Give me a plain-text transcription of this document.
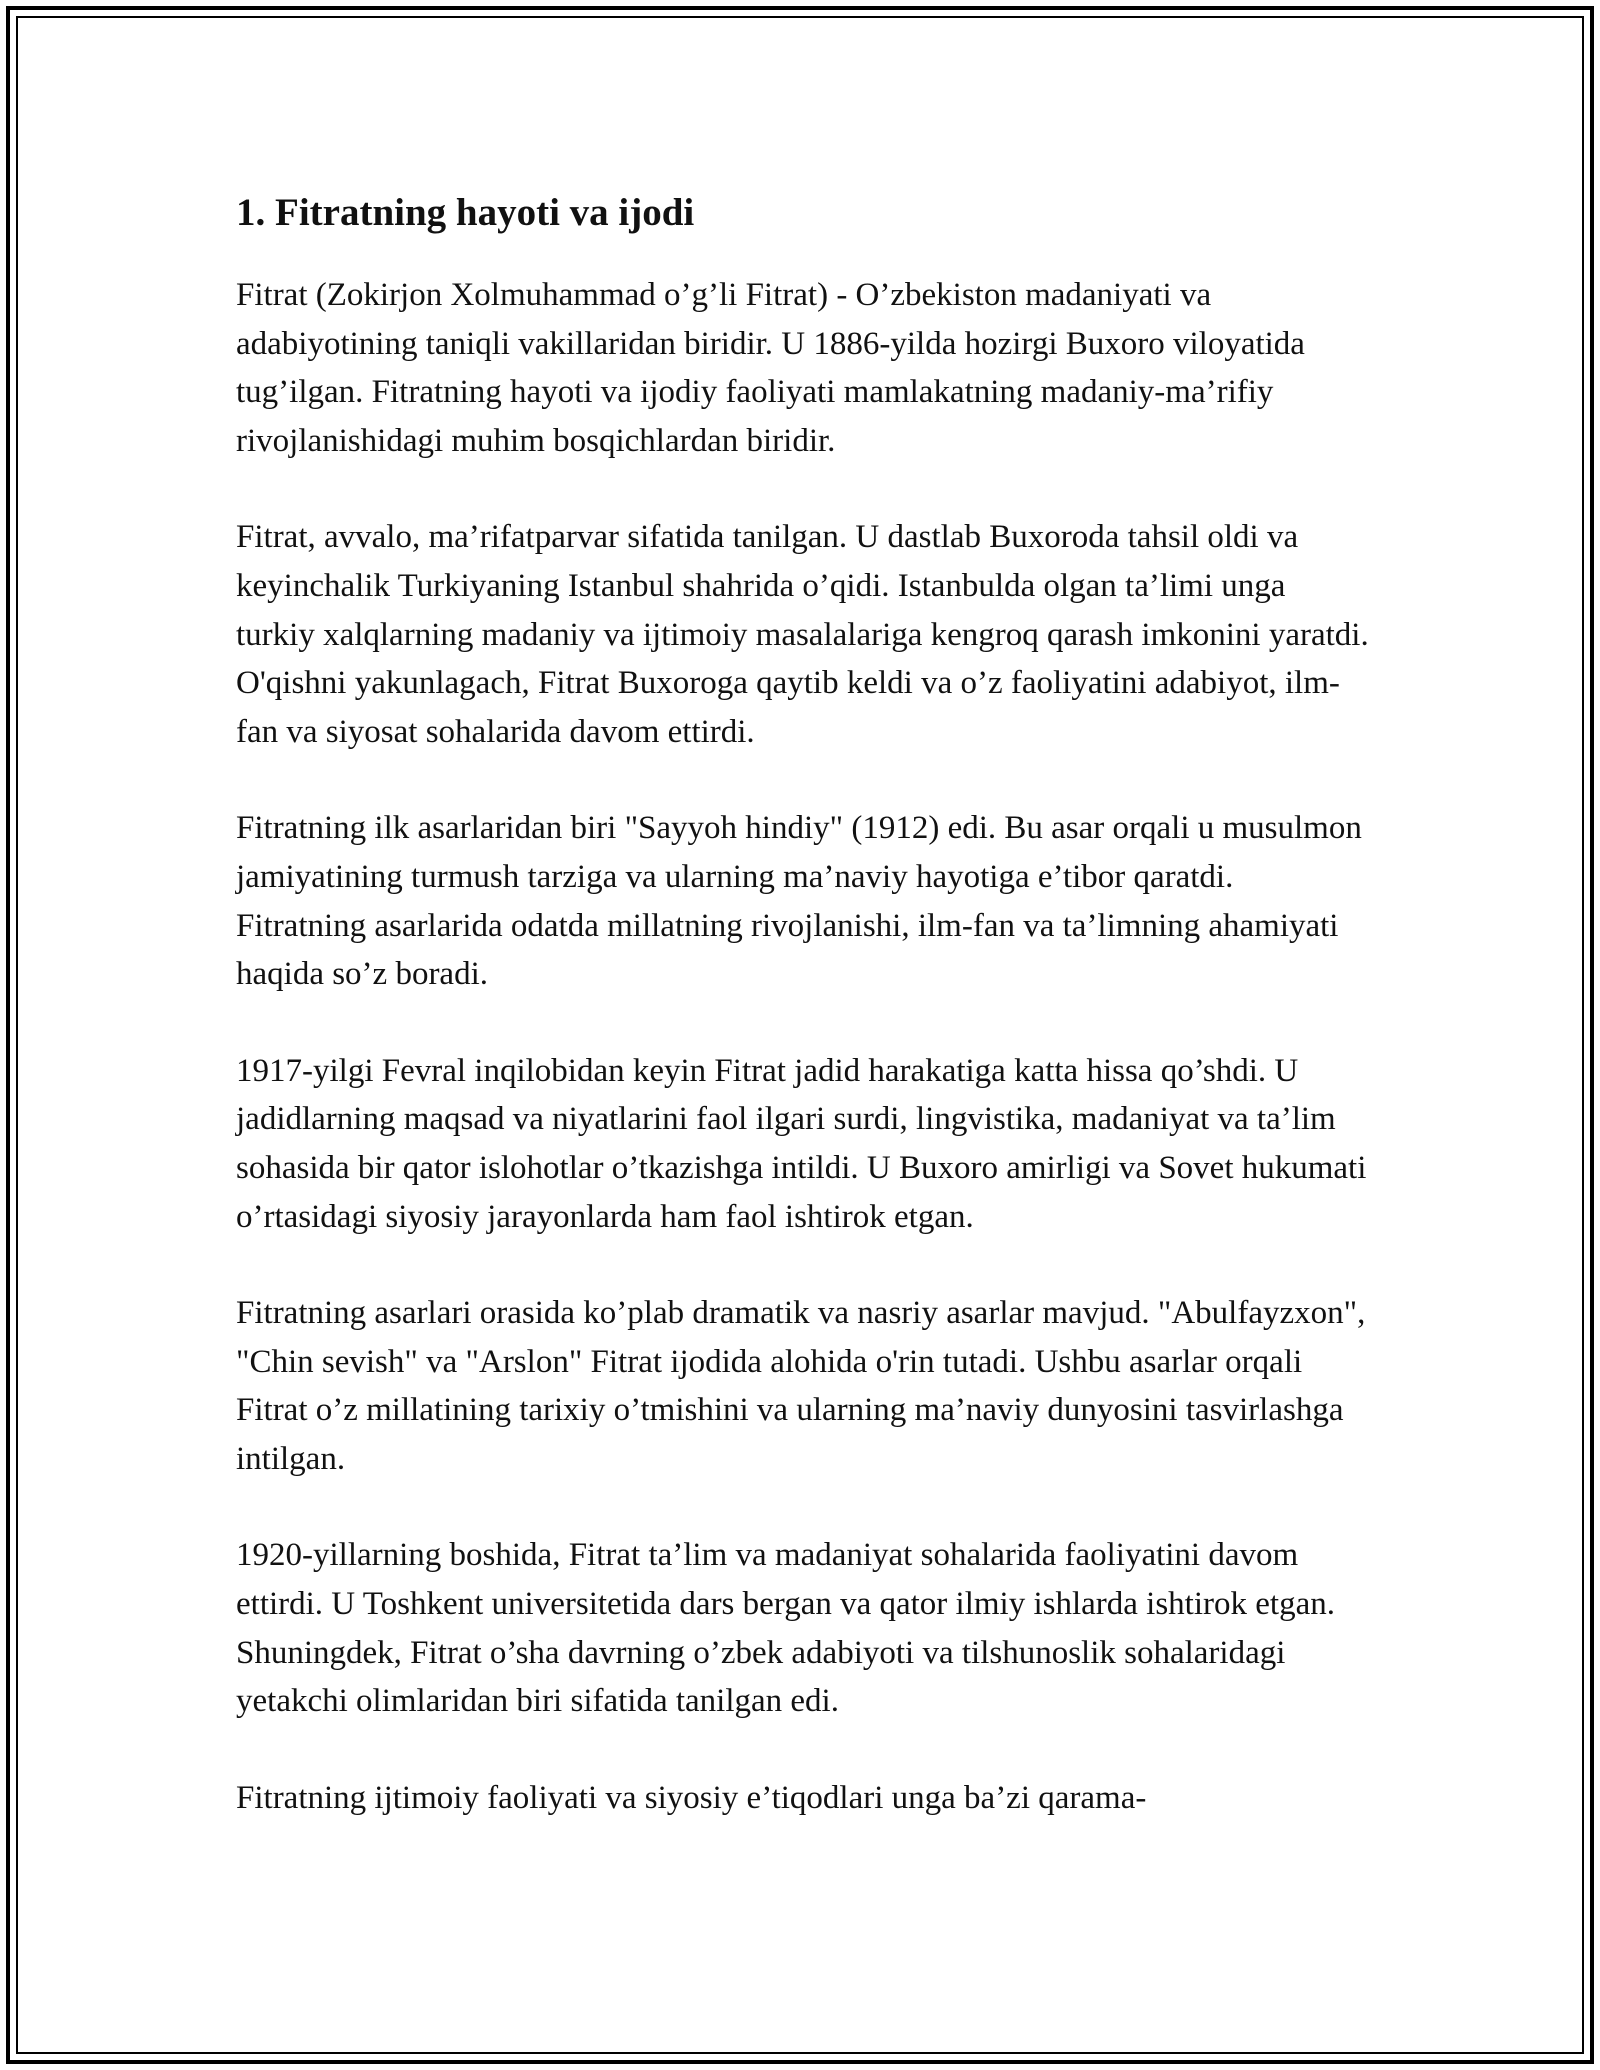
1. Fitratning hayoti va ijodi

Fitrat (Zokirjon Xolmuhammad o’g’li Fitrat) - O’zbekiston madaniyati va adabiyotining taniqli vakillaridan biridir. U 1886-yilda hozirgi Buxoro viloyatida tug’ilgan. Fitratning hayoti va ijodiy faoliyati mamlakatning madaniy-ma’rifiy rivojlanishidagi muhim bosqichlardan biridir.

Fitrat, avvalo, ma’rifatparvar sifatida tanilgan. U dastlab Buxoroda tahsil oldi va keyinchalik Turkiyaning Istanbul shahrida o’qidi. Istanbulda olgan ta’limi unga turkiy xalqlarning madaniy va ijtimoiy masalalariga kengroq qarash imkonini yaratdi. O'qishni yakunlagach, Fitrat Buxoroga qaytib keldi va o’z faoliyatini adabiyot, ilm-fan va siyosat sohalarida davom ettirdi.

Fitratning ilk asarlaridan biri "Sayyoh hindiy" (1912) edi. Bu asar orqali u musulmon jamiyatining turmush tarziga va ularning ma’naviy hayotiga e’tibor qaratdi. Fitratning asarlarida odatda millatning rivojlanishi, ilm-fan va ta’limning ahamiyati haqida so’z boradi.

1917-yilgi Fevral inqilobidan keyin Fitrat jadid harakatiga katta hissa qo’shdi. U jadidlarning maqsad va niyatlarini faol ilgari surdi, lingvistika, madaniyat va ta’lim sohasida bir qator islohotlar o’tkazishga intildi. U Buxoro amirligi va Sovet hukumati o’rtasidagi siyosiy jarayonlarda ham faol ishtirok etgan.

Fitratning asarlari orasida ko’plab dramatik va nasriy asarlar mavjud. "Abulfayzxon", "Chin sevish" va "Arslon" Fitrat ijodida alohida o'rin tutadi. Ushbu asarlar orqali Fitrat o’z millatining tarixiy o’tmishini va ularning ma’naviy dunyosini tasvirlashga intilgan.

1920-yillarning boshida, Fitrat ta’lim va madaniyat sohalarida faoliyatini davom ettirdi. U Toshkent universitetida dars bergan va qator ilmiy ishlarda ishtirok etgan. Shuningdek, Fitrat o’sha davrning o’zbek adabiyoti va tilshunoslik sohalaridagi yetakchi olimlaridan biri sifatida tanilgan edi.

Fitratning ijtimoiy faoliyati va siyosiy e’tiqodlari unga ba’zi qarama-
